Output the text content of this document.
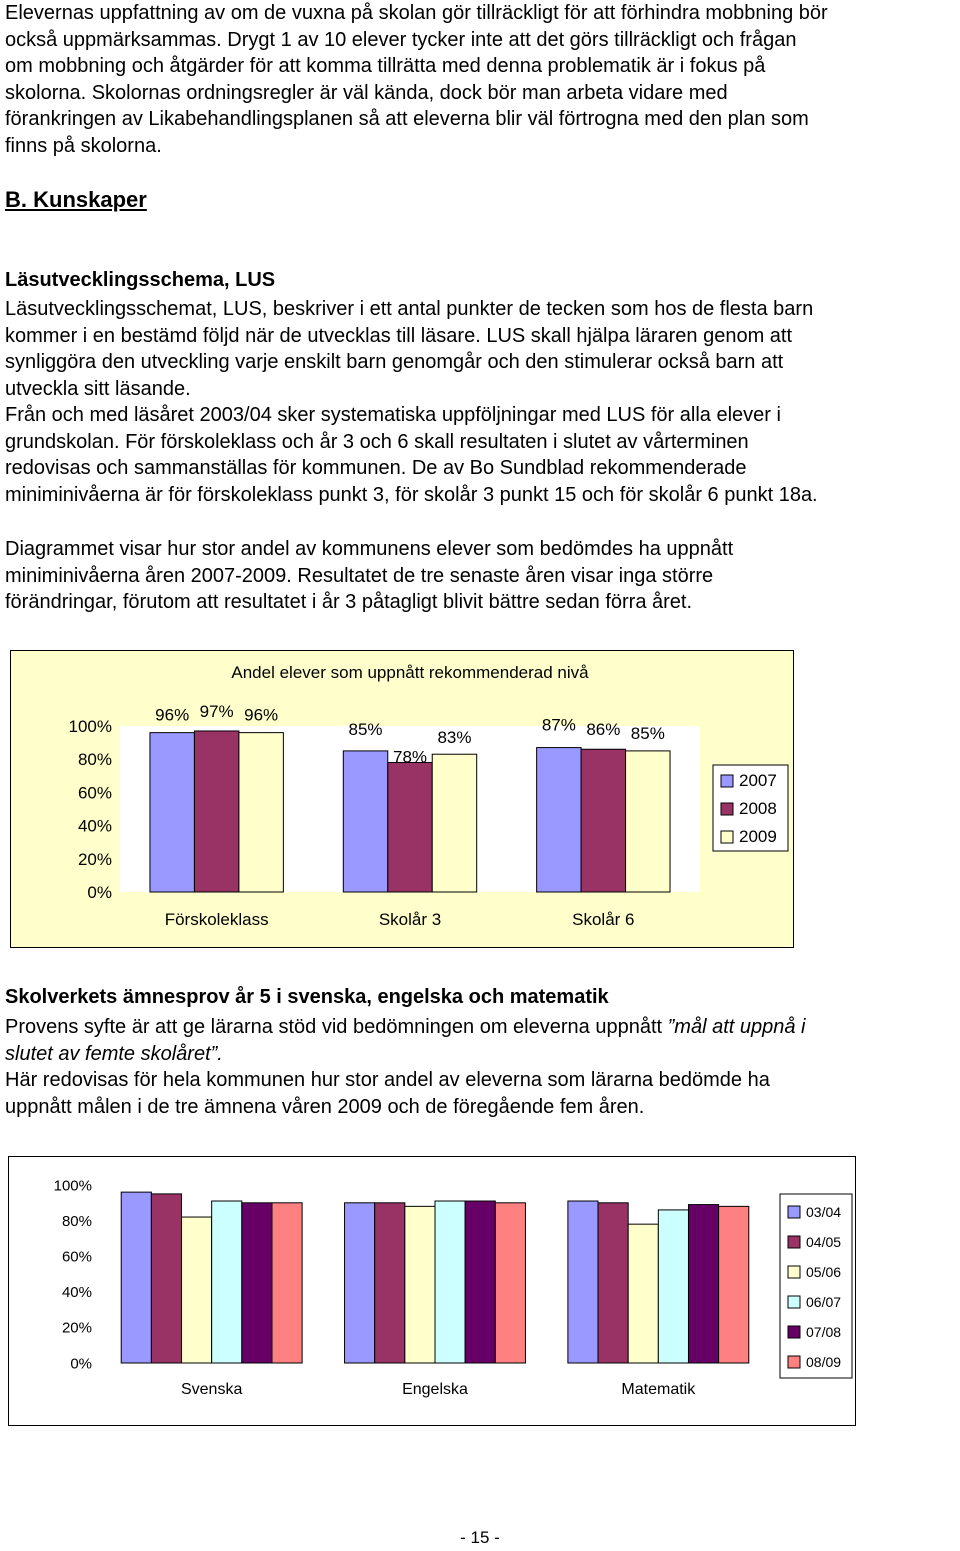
Elevernas uppfattning av om de vuxna på skolan gör tillräckligt för att förhindra mobbning bör
också uppmärksammas. Drygt 1 av 10 elever tycker inte att det görs tillräckligt och frågan
om mobbning och åtgärder för att komma tillrätta med denna problematik är i fokus på
skolorna. Skolornas ordningsregler är väl kända, dock bör man arbeta vidare med
förankringen av Likabehandlingsplanen så att eleverna blir väl förtrogna med den plan som
finns på skolorna.

B. Kunskaper
Läsutvecklingsschema, LUS

Läsutvecklingsschemat, LUS, beskriver i ett antal punkter de tecken som hos de flesta barn
kommer i en bestämd följd när de utvecklas till läsare. LUS skall hjälpa läraren genom att
synliggöra den utveckling varje enskilt barn genomgår och den stimulerar också barn att
utveckla sitt läsande.
Från och med läsåret 2003/04 sker systematiska uppföljningar med LUS för alla elever i
grundskolan. För förskoleklass och år 3 och 6 skall resultaten i slutet av vårterminen
redovisas och sammanställas för kommunen. De av Bo Sundblad rekommenderade
miniminivåerna är för förskoleklass punkt 3, för skolår 3 punkt 15 och för skolår 6 punkt 18a.

Diagrammet visar hur stor andel av kommunens elever som bedömdes ha uppnått
miniminivåerna åren 2007-2009. Resultatet de tre senaste åren visar inga större
förändringar, förutom att resultatet i år 3 påtagligt blivit bättre sedan förra året.

Andel elever som uppnått rekommenderad nivå
0%
20%
40%
60%
80%
100%
96% 97% 96%
Förskoleklass
85%
78%
83%
Skolår 3
87% 86% 85%
Skolår 6
2007
2008
2009
Skolverkets ämnesprov år 5 i svenska, engelska och matematik

Provens syfte är att ge lärarna stöd vid bedömningen om eleverna uppnått ”mål att uppnå i
slutet av femte skolåret”.

Här redovisas för hela kommunen hur stor andel av eleverna som lärarna bedömde ha
uppnått målen i de tre ämnena våren 2009 och de föregående fem åren.

0%
20%
40%
60%
80%
100%
Svenska	Engelska	Matematik
03/04
04/05
05/06
06/07
07/08
08/09
- 15 -
